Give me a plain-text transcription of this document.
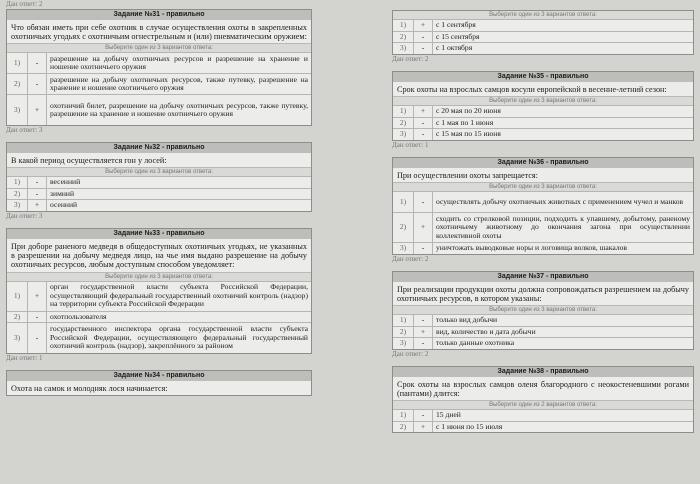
Дан ответ: 2
Задание №31 - правильно
Что обязан иметь при себе охотник в случае осуществления охоты в закрепленных охотничьих угодьях с охотничьим огнестрельным и (или) пневматическим оружием:
Выберите один из 3 вариантов ответа:
1)	-	разрешение на добычу охотничьих ресурсов и разрешение на хранение и ношение охотничьего оружия
2)	-	разрешение на добычу охотничьих ресурсов, также путевку, разрешение на хранение и ношение охотничьего оружия
3)	+	охотничий билет, разрешение на добычу охотничьих ресурсов, также путевку, разрешение на хранение и ношение охотничьего оружия
Дан ответ: 3
Задание №32 - правильно
В какой период осуществляется гон у лосей:
Выберите один из 3 вариантов ответа:
1)	-	весенний
2)	-	зимний
3)	+	осенний
Дан ответ: 3
Задание №33 - правильно
При доборе раненого медведя в общедоступных охотничьих угодьях, не указанных в разрешении на добычу медведя лицо, на чье имя выдано разрешение на добычу охотничьих ресурсов, любым доступным способом уведомляет:
Выберите один из 3 вариантов ответа:
1)	+	орган государственной власти субъекта Российской Федерации, осуществляющий федеральный государственный охотничий контроль (надзор) на территории субъекта Российской Федерации
2)	-	охотпользователя
3)	-	государственного инспектора органа государственной власти субъекта Российской Федерации, осуществляющего федеральный государственный охотничий контроль (надзор), закреплённого за районом
Дан ответ: 1
Задание №34 - правильно
Охота на самок и молодняк лося начинается:
Выберите один из 3 вариантов ответа:
1)	+	с 1 сентября
2)	-	с 15 сентября
3)	-	с 1 октября
Дан ответ: 2
Задание №35 - правильно
Срок охоты на взрослых самцов косули европейской в весенне-летний сезон:
Выберите один из 3 вариантов ответа:
1)	+	с 20 мая по 20 июня
2)	-	с 1 мая по 1 июня
3)	-	с 15 мая по 15 июня
Дан ответ: 1
Задание №36 - правильно
При осуществлении охоты запрещается:
Выберите один из 3 вариантов ответа:
1)	-	осуществлять добычу охотничьих животных с применением чучел и манков
2)	+	сходить со стрелковой позиции, подходить к упавшему, добытому, раненому охотничьему животному до окончания загона при осуществлении коллективной охоты
3)	-	уничтожать выводковые норы и логовища волков, шакалов
Дан ответ: 2
Задание №37 - правильно
При реализации продукции охоты должна сопровождаться разрешением на добычу охотничьих ресурсов, в котором указаны:
Выберите один из 3 вариантов ответа:
1)	-	только вид добычи
2)	+	вид, количество и дата добычи
3)	-	только данные охотника
Дан ответ: 2
Задание №38 - правильно
Срок охоты на взрослых самцов оленя благородного с неокостеневшими рогами (пантами) длится:
Выберите один из 2 вариантов ответа:
1)	-	15 дней
2)	+	с 1 июня по 15 июля
